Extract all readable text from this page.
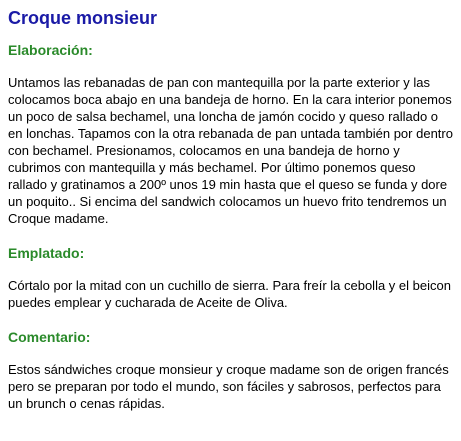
Croque monsieur
Elaboración:

Untamos las rebanadas de pan con mantequilla por la parte exterior y las colocamos boca abajo en una bandeja de horno. En la cara interior ponemos un poco de salsa bechamel, una loncha de jamón cocido y queso rallado o en lonchas. Tapamos con la otra rebanada de pan untada también por dentro con bechamel. Presionamos, colocamos en una bandeja de horno y cubrimos con mantequilla y más bechamel. Por último ponemos queso rallado y gratinamos a 200º unos 19 min hasta que el queso se funda y dore un poquito.. Si encima del sandwich colocamos un huevo frito tendremos un Croque madame.

Emplatado:

Córtalo por la mitad con un cuchillo de sierra. Para freír la cebolla y el beicon puedes emplear y cucharada de Aceite de Oliva.

Comentario:

Estos sándwiches croque monsieur y croque madame son de origen francés pero se preparan por todo el mundo, son fáciles y sabrosos, perfectos para un brunch o cenas rápidas.
